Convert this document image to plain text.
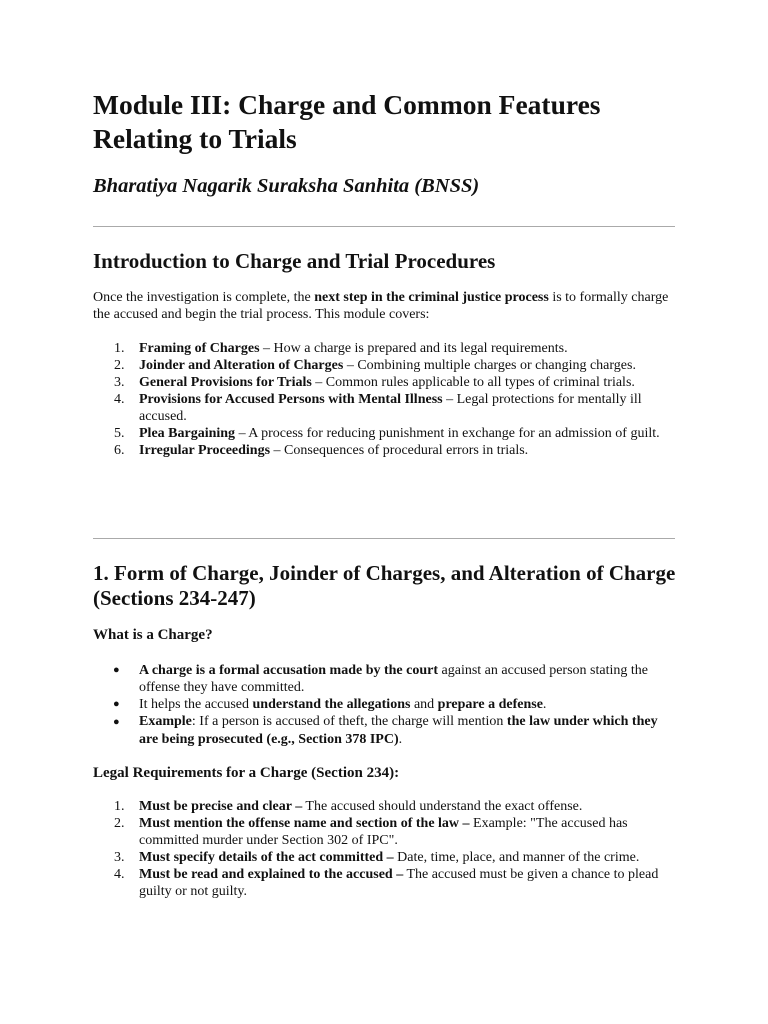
Module III: Charge and Common Features Relating to Trials

Bharatiya Nagarik Suraksha Sanhita (BNSS)

Introduction to Charge and Trial Procedures

Once the investigation is complete, the next step in the criminal justice process is to formally charge the accused and begin the trial process. This module covers:

1.	Framing of Charges – How a charge is prepared and its legal requirements.
2.	Joinder and Alteration of Charges – Combining multiple charges or changing charges.
3.	General Provisions for Trials – Common rules applicable to all types of criminal trials.
4.	Provisions for Accused Persons with Mental Illness – Legal protections for mentally ill accused.
5.	Plea Bargaining – A process for reducing punishment in exchange for an admission of guilt.
6.	Irregular Proceedings – Consequences of procedural errors in trials.
1. Form of Charge, Joinder of Charges, and Alteration of Charge (Sections 234-247)
What is a Charge?
● A charge is a formal accusation made by the court against an accused person stating the offense they have committed.
● It helps the accused understand the allegations and prepare a defense.
● Example: If a person is accused of theft, the charge will mention the law under which they are being prosecuted (e.g., Section 378 IPC).
Legal Requirements for a Charge (Section 234):
1.	Must be precise and clear – The accused should understand the exact offense.
2.	Must mention the offense name and section of the law – Example: "The accused has committed murder under Section 302 of IPC".
3.	Must specify details of the act committed – Date, time, place, and manner of the crime.
4.	Must be read and explained to the accused – The accused must be given a chance to plead guilty or not guilty.
